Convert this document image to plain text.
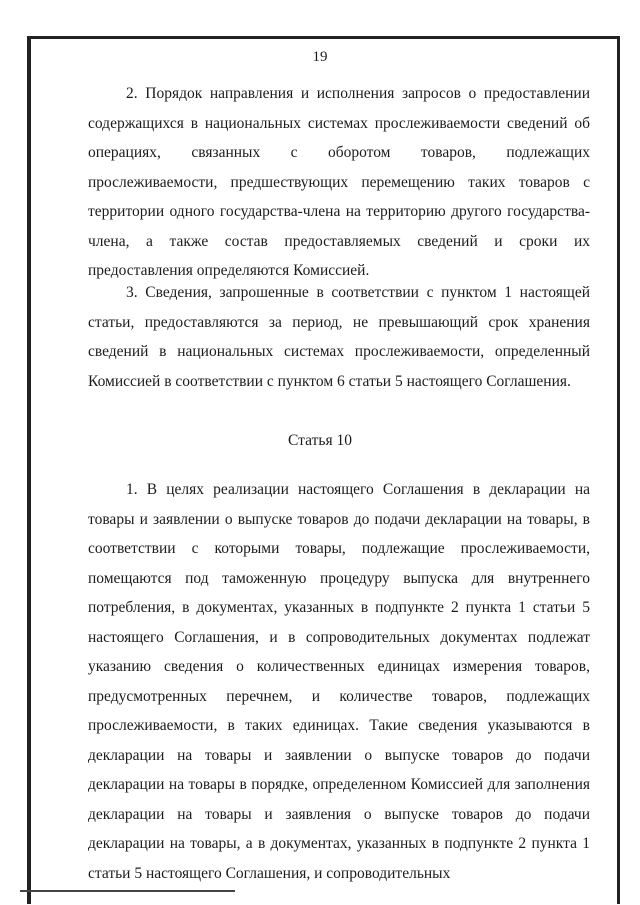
19

2. Порядок направления и исполнения запросов о предоставлении содержащихся в национальных системах прослеживаемости сведений об операциях, связанных с оборотом товаров, подлежащих прослеживаемости, предшествующих перемещению таких товаров с территории одного государства-члена на территорию другого государства-члена, а также состав предоставляемых сведений и сроки их предоставления определяются Комиссией.

3. Сведения, запрошенные в соответствии с пунктом 1 настоящей статьи, предоставляются за период, не превышающий срок хранения сведений в национальных системах прослеживаемости, определенный Комиссией в соответствии с пунктом 6 статьи 5 настоящего Соглашения.

Статья 10

1. В целях реализации настоящего Соглашения в декларации на товары и заявлении о выпуске товаров до подачи декларации на товары, в соответствии с которыми товары, подлежащие прослеживаемости, помещаются под таможенную процедуру выпуска для внутреннего потребления, в документах, указанных в подпункте 2 пункта 1 статьи 5 настоящего Соглашения, и в сопроводительных документах подлежат указанию сведения о количественных единицах измерения товаров, предусмотренных перечнем, и количестве товаров, подлежащих прослеживаемости, в таких единицах. Такие сведения указываются в декларации на товары и заявлении о выпуске товаров до подачи декларации на товары в порядке, определенном Комиссией для заполнения декларации на товары и заявления о выпуске товаров до подачи декларации на товары, а в документах, указанных в подпункте 2 пункта 1 статьи 5 настоящего Соглашения, и сопроводительных
